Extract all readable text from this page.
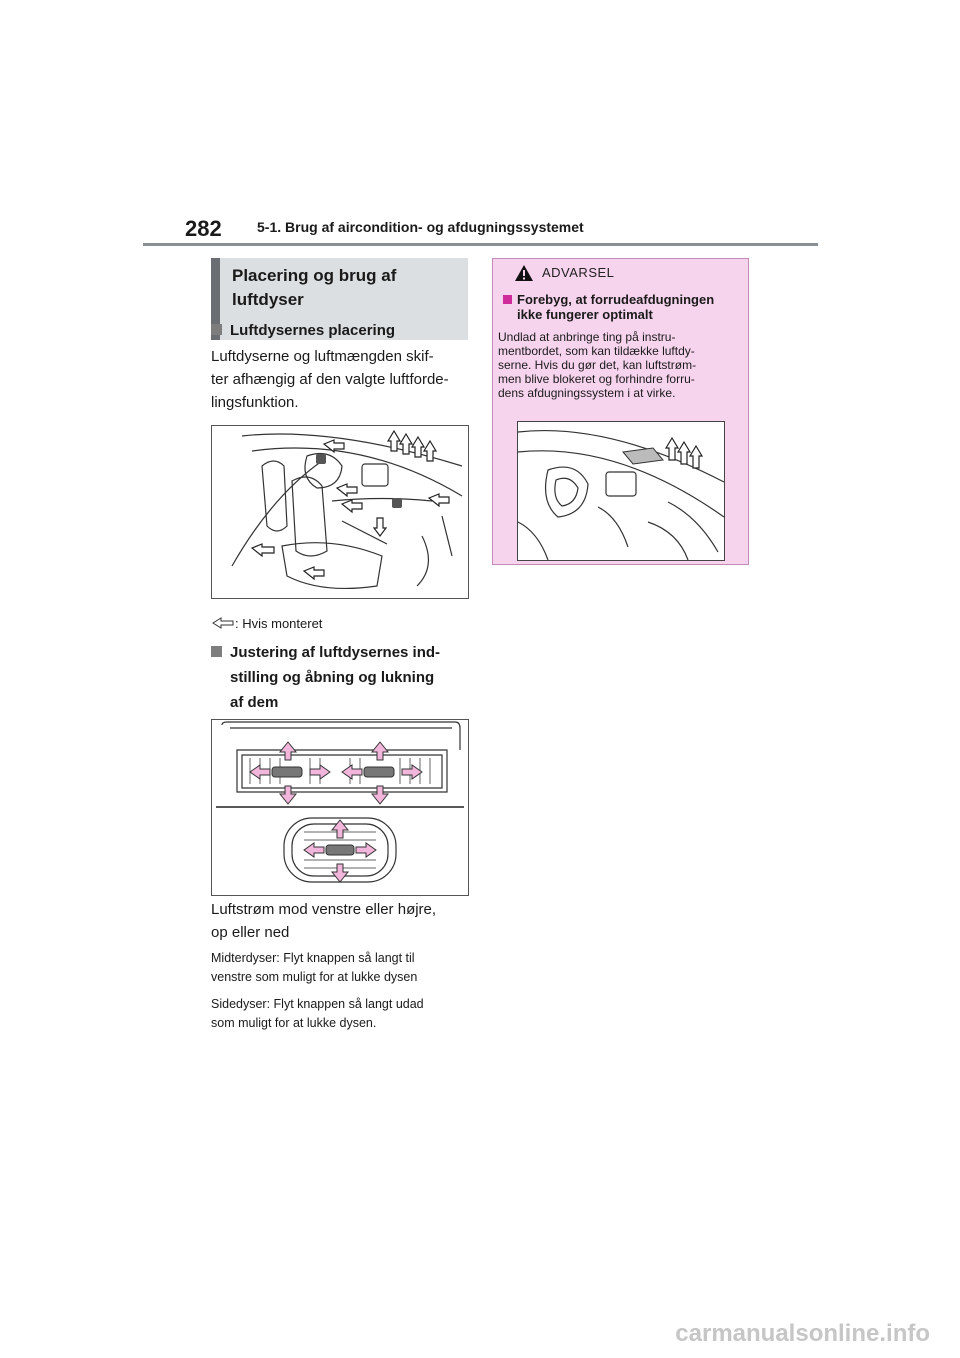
282	5-1. Brug af aircondition- og afdugningssystemet
Placering og brug af
luftdyser
Luftdysernes placering
Luftdyserne og luftmængden skif-
ter afhængig af den valgte luftforde-
lingsfunktion.
: Hvis monteret
Justering af luftdysernes ind-
stilling og åbning og lukning
af dem
Luftstrøm mod venstre eller højre,
op eller ned
Midterdyser: Flyt knappen så langt til
venstre som muligt for at lukke dysen
Sidedyser: Flyt knappen så langt udad
som muligt for at lukke dysen.
ADVARSEL
Forebyg, at forrudeafdugningen
ikke fungerer optimalt
Undlad at anbringe ting på instru-
mentbordet, som kan tildække luftdy-
serne. Hvis du gør det, kan luftstrøm-
men blive blokeret og forhindre forru-
dens afdugningssystem i at virke.
carmanualsonline.info
